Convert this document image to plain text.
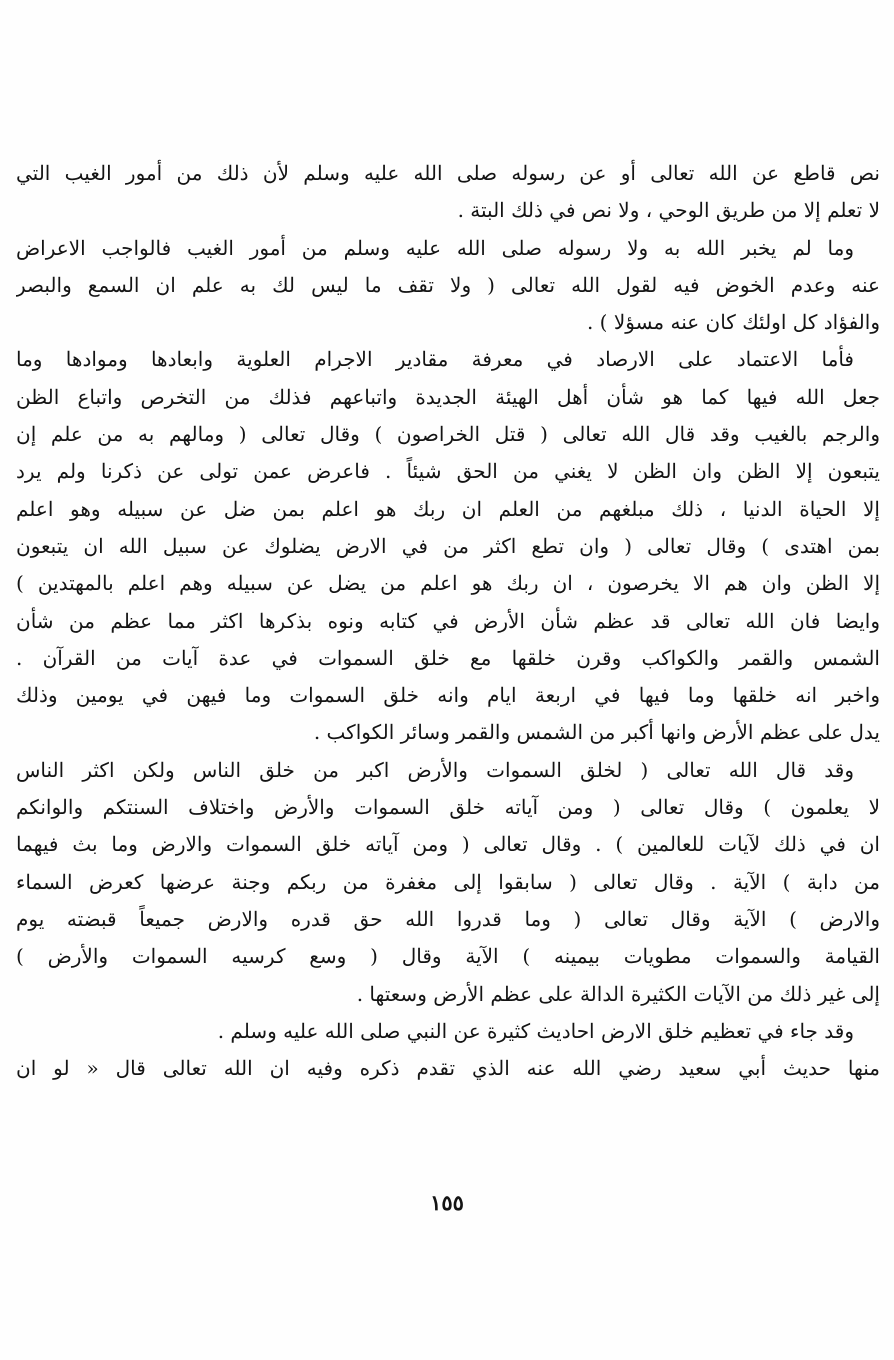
نص قاطع عن الله تعالى أو عن رسوله صلى الله عليه وسلم لأن ذلك من أمور الغيب التي
لا تعلم إلا من طريق الوحي ، ولا نص في ذلك البتة .
وما لم يخبر الله به ولا رسوله صلى الله عليه وسلم من أمور الغيب فالواجب الاعراض
عنه وعدم الخوض فيه لقول الله تعالى ( ولا تقف ما ليس لك به علم ان السمع والبصر
والفؤاد كل اولئك كان عنه مسؤلا ) .
فأما الاعتماد على الارصاد في معرفة مقادير الاجرام العلوية وابعادها وموادها وما
جعل الله فيها كما هو شأن أهل الهيئة الجديدة واتباعهم فذلك من التخرص واتباع الظن
والرجم بالغيب وقد قال الله تعالى ( قتل الخراصون ) وقال تعالى ( ومالهم به من علم إن
يتبعون إلا الظن وان الظن لا يغني من الحق شيئاً . فاعرض عمن تولى عن ذكرنا ولم يرد
إلا الحياة الدنيا ، ذلك مبلغهم من العلم ان ربك هو اعلم بمن ضل عن سبيله وهو اعلم
بمن اهتدى ) وقال تعالى ( وان تطع اكثر من في الارض يضلوك عن سبيل الله ان يتبعون
إلا الظن وان هم الا يخرصون ، ان ربك هو اعلم من يضل عن سبيله وهم اعلم بالمهتدين )
وايضا فان الله تعالى قد عظم شأن الأرض في كتابه ونوه بذكرها اكثر مما عظم من شأن
الشمس والقمر والكواكب وقرن خلقها مع خلق السموات في عدة آيات من القرآن .
واخبر انه خلقها وما فيها في اربعة ايام وانه خلق السموات وما فيهن في يومين وذلك
يدل على عظم الأرض وانها أكبر من الشمس والقمر وسائر الكواكب .
وقد قال الله تعالى ( لخلق السموات والأرض اكبر من خلق الناس ولكن اكثر الناس
لا يعلمون ) وقال تعالى ( ومن آياته خلق السموات والأرض واختلاف السنتكم والوانكم
ان في ذلك لآيات للعالمين ) . وقال تعالى ( ومن آياته خلق السموات والارض وما بث فيهما
من دابة ) الآية . وقال تعالى ( سابقوا إلى مغفرة من ربكم وجنة عرضها كعرض السماء
والارض ) الآية وقال تعالى ( وما قدروا الله حق قدره والارض جميعاً قبضته يوم
القيامة والسموات مطويات بيمينه ) الآية وقال ( وسع كرسيه السموات والأرض )
إلى غير ذلك من الآيات الكثيرة الدالة على عظم الأرض وسعتها .
وقد جاء في تعظيم خلق الارض احاديث كثيرة عن النبي صلى الله عليه وسلم .
منها حديث أبي سعيد رضي الله عنه الذي تقدم ذكره وفيه ان الله تعالى قال « لو ان
١٥٥
